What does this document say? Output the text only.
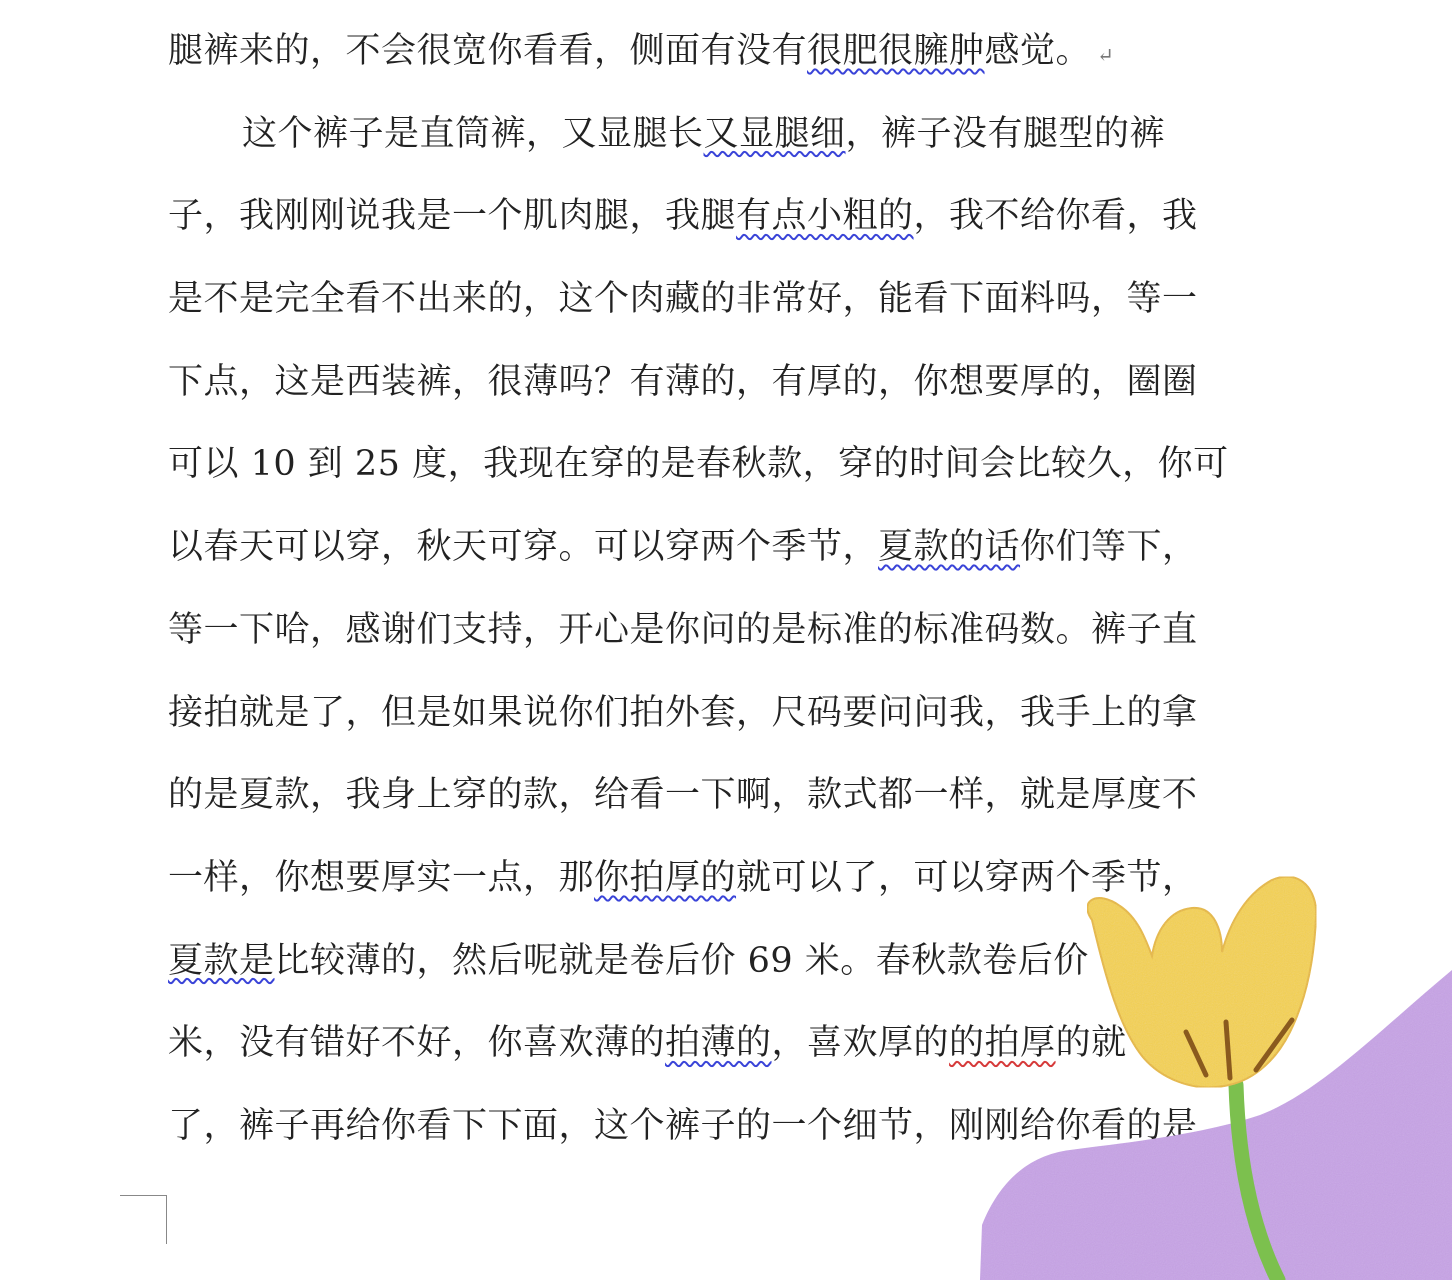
腿裤来的，不会很宽你看看，侧面有没有很肥很臃肿感觉。 ↵
这个裤子是直筒裤，又显腿长又显腿细，裤子没有腿型的裤
子，我刚刚说我是一个肌肉腿，我腿有点小粗的，我不给你看，我
是不是完全看不出来的，这个肉藏的非常好，能看下面料吗，等一
下点，这是西装裤，很薄吗？有薄的，有厚的，你想要厚的，圈圈
可以 10 到 25 度，我现在穿的是春秋款，穿的时间会比较久，你可
以春天可以穿，秋天可穿。可以穿两个季节，夏款的话你们等下，
等一下哈，感谢们支持，开心是你问的是标准的标准码数。裤子直
接拍就是了，但是如果说你们拍外套，尺码要问问我，我手上的拿
的是夏款，我身上穿的款，给看一下啊，款式都一样，就是厚度不
一样，你想要厚实一点，那你拍厚的就可以了，可以穿两个季节，
夏款是比较薄的，然后呢就是卷后价 69 米。春秋款卷后价
米，没有错好不好，你喜欢薄的拍薄的，喜欢厚的的拍厚的就
了，裤子再给你看下下面，这个裤子的一个细节，刚刚给你看的是
